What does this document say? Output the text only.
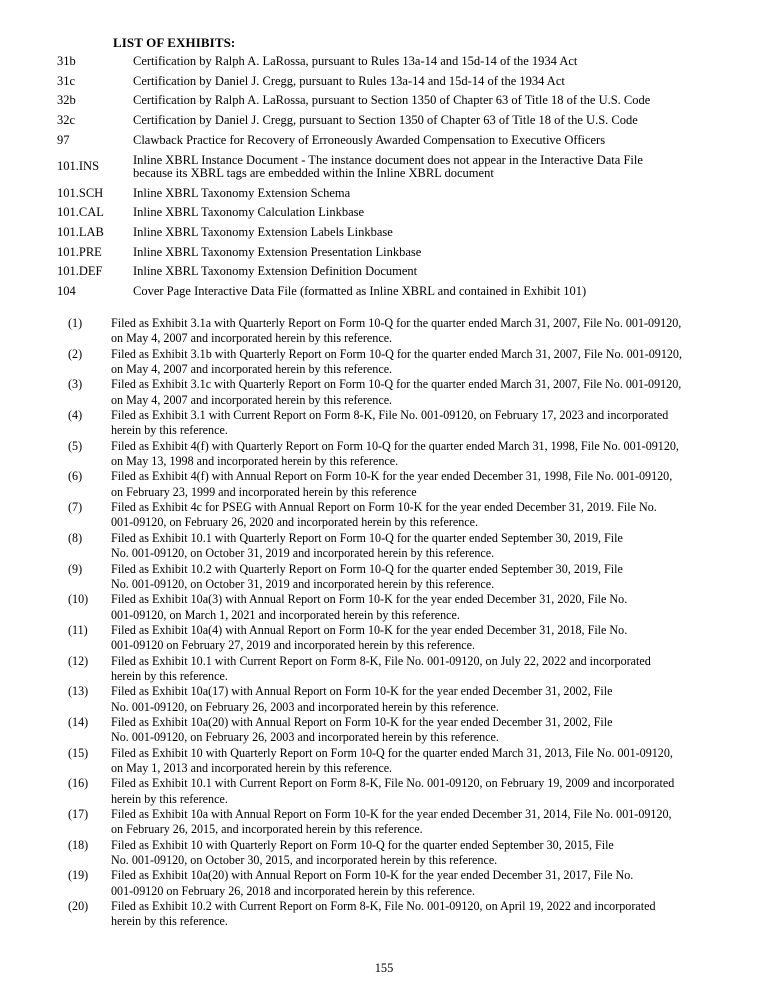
LIST OF EXHIBITS:
31b	Certification by Ralph A. LaRossa, pursuant to Rules 13a-14 and 15d-14 of the 1934 Act
31c	Certification by Daniel J. Cregg, pursuant to Rules 13a-14 and 15d-14 of the 1934 Act
32b	Certification by Ralph A. LaRossa, pursuant to Section 1350 of Chapter 63 of Title 18 of the U.S. Code
32c	Certification by Daniel J. Cregg, pursuant to Section 1350 of Chapter 63 of Title 18 of the U.S. Code
97	Clawback Practice for Recovery of Erroneously Awarded Compensation to Executive Officers
101.INS	Inline XBRL Instance Document - The instance document does not appear in the Interactive Data File
because its XBRL tags are embedded within the Inline XBRL document
101.SCH	Inline XBRL Taxonomy Extension Schema
101.CAL	Inline XBRL Taxonomy Calculation Linkbase
101.LAB	Inline XBRL Taxonomy Extension Labels Linkbase
101.PRE	Inline XBRL Taxonomy Extension Presentation Linkbase
101.DEF	Inline XBRL Taxonomy Extension Definition Document
104	Cover Page Interactive Data File (formatted as Inline XBRL and contained in Exhibit 101)
(1)	Filed as Exhibit 3.1a with Quarterly Report on Form 10-Q for the quarter ended March 31, 2007, File No. 001-09120,
on May 4, 2007 and incorporated herein by this reference.
(2)	Filed as Exhibit 3.1b with Quarterly Report on Form 10-Q for the quarter ended March 31, 2007, File No. 001-09120,
on May 4, 2007 and incorporated herein by this reference.
(3)	Filed as Exhibit 3.1c with Quarterly Report on Form 10-Q for the quarter ended March 31, 2007, File No. 001-09120,
on May 4, 2007 and incorporated herein by this reference.
(4)	Filed as Exhibit 3.1 with Current Report on Form 8-K, File No. 001-09120, on February 17, 2023 and incorporated
herein by this reference.
(5)	Filed as Exhibit 4(f) with Quarterly Report on Form 10-Q for the quarter ended March 31, 1998, File No. 001-09120,
on May 13, 1998 and incorporated herein by this reference.
(6)	Filed as Exhibit 4(f) with Annual Report on Form 10-K for the year ended December 31, 1998, File No. 001-09120,
on February 23, 1999 and incorporated herein by this reference
(7)	Filed as Exhibit 4c for PSEG with Annual Report on Form 10-K for the year ended December 31, 2019. File No.
001-09120, on February 26, 2020 and incorporated herein by this reference.
(8)	Filed as Exhibit 10.1 with Quarterly Report on Form 10-Q for the quarter ended September 30, 2019, File
No. 001-09120, on October 31, 2019 and incorporated herein by this reference.
(9)	Filed as Exhibit 10.2 with Quarterly Report on Form 10-Q for the quarter ended September 30, 2019, File
No. 001-09120, on October 31, 2019 and incorporated herein by this reference.
(10)	Filed as Exhibit 10a(3) with Annual Report on Form 10-K for the year ended December 31, 2020, File No.
001-09120, on March 1, 2021 and incorporated herein by this reference.
(11)	Filed as Exhibit 10a(4) with Annual Report on Form 10-K for the year ended December 31, 2018, File No.
001-09120 on February 27, 2019 and incorporated herein by this reference.
(12)	Filed as Exhibit 10.1 with Current Report on Form 8-K, File No. 001-09120, on July 22, 2022 and incorporated
herein by this reference.
(13)	Filed as Exhibit 10a(17) with Annual Report on Form 10-K for the year ended December 31, 2002, File
No. 001-09120, on February 26, 2003 and incorporated herein by this reference.
(14)	Filed as Exhibit 10a(20) with Annual Report on Form 10-K for the year ended December 31, 2002, File
No. 001-09120, on February 26, 2003 and incorporated herein by this reference.
(15)	Filed as Exhibit 10 with Quarterly Report on Form 10-Q for the quarter ended March 31, 2013, File No. 001-09120,
on May 1, 2013 and incorporated herein by this reference.
(16)	Filed as Exhibit 10.1 with Current Report on Form 8-K, File No. 001-09120, on February 19, 2009 and incorporated
herein by this reference.
(17)	Filed as Exhibit 10a with Annual Report on Form 10-K for the year ended December 31, 2014, File No. 001-09120,
on February 26, 2015, and incorporated herein by this reference.
(18)	Filed as Exhibit 10 with Quarterly Report on Form 10-Q for the quarter ended September 30, 2015, File
No. 001-09120, on October 30, 2015, and incorporated herein by this reference.
(19)	Filed as Exhibit 10a(20) with Annual Report on Form 10-K for the year ended December 31, 2017, File No.
001-09120 on February 26, 2018 and incorporated herein by this reference.
(20)	Filed as Exhibit 10.2 with Current Report on Form 8-K, File No. 001-09120, on April 19, 2022 and incorporated
herein by this reference.
155
